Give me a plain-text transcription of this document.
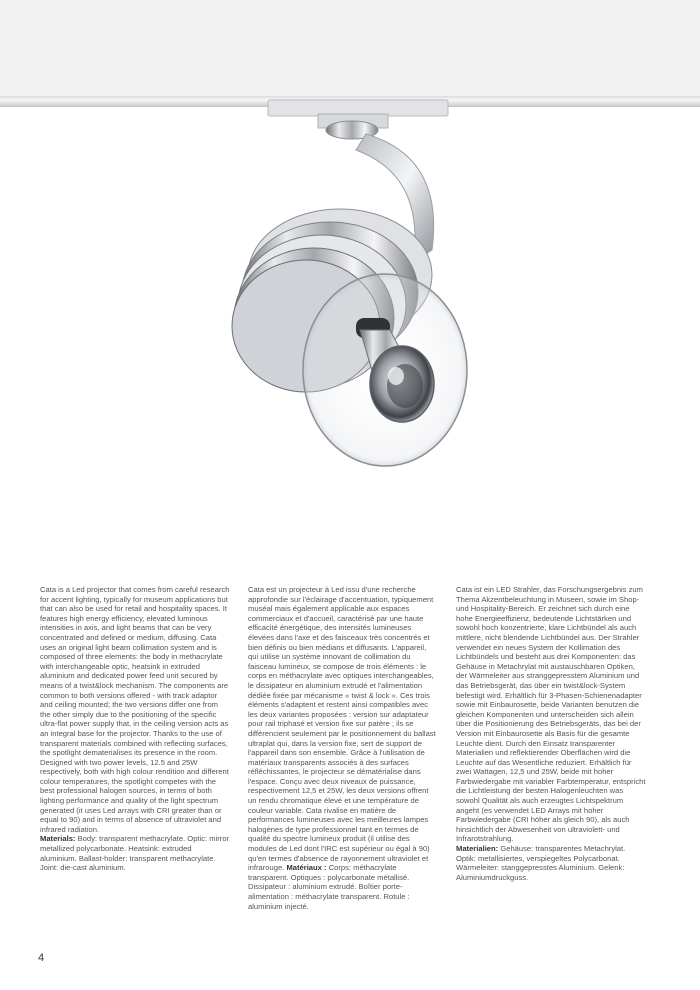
Cata is a Led projector that comes from careful research for accent lighting, typically for museum applications but that can also be used for retail and hospitality spaces. It features high energy efficiency, elevated luminous intensities in axis, and light beams that can be very concentrated and defined or medium, diffusing. Cata uses an original light beam collimation system and is composed of three elements: the body in methacrylate with interchangeable optic, heatsink in extruded aluminium and dedicated power feed unit secured by means of a twist&lock mechanism. The components are common to both versions offered - with track adaptor and ceiling mounted; the two versions differ one from the other simply due to the positioning of the specific ultra-flat power supply that, in the ceiling version acts as an integral base for the projector. Thanks to the use of transparent materials combined with reflecting surfaces, the spotlight dematerialises its presence in the room. Designed with two power levels, 12.5 and 25W respectively, both with high colour rendition and different colour temperatures, the spotlight competes with the best professional halogen sources, in terms of both lighting performance and quality of the light spectrum generated (it uses Led arrays with CRI greater than or equal to 90) and in terms of absence of ultraviolet and infrared radiation.
Materials: Body: transparent methacrylate. Optic: mirror metallized polycarbonate. Heatsink: extruded aluminium. Ballast-holder: transparent methacrylate. Joint: die-cast aluminium.

Cata est un projecteur à Led issu d'une recherche approfondie sur l'éclairage d'accentuation, typiquement muséal mais également applicable aux espaces commerciaux et d'accueil, caractérisé par une haute efficacité énergétique, des intensités lumineuses élevées dans l'axe et des faisceaux très concentrés et bien définis ou bien médians et diffusants. L'appareil, qui utilise un système innovant de collimation du faisceau lumineux, se compose de trois éléments : le corps en méthacrylate avec optiques interchangeables, le dissipateur en aluminium extrudé et l'alimentation dédiée fixée par mécanisme « twist & lock ». Ces trois éléments s'adaptent et restent ainsi compatibles avec les deux variantes proposées : version sur adaptateur pour rail triphasé et version fixe sur patère ; ils se différencient seulement par le positionnement du ballast ultraplat qui, dans la version fixe, sert de support de l'appareil dans son ensemble. Grâce à l'utilisation de matériaux transparents associés à des surfaces réfléchissantes, le projecteur se dématérialise dans l'espace. Conçu avec deux niveaux de puissance, respectivement 12,5 et 25W, les deux versions offrent un rendu chromatique élevé et une température de couleur variable. Cata rivalise en matière de performances lumineuses avec les meilleures lampes halogènes de type professionnel tant en termes de qualité du spectre lumineux produit (il utilise des modules de Led dont l'IRC est supérieur ou égal à 90) qu'en termes d'absence de rayonnement ultraviolet et infrarouge. Matériaux : Corps: méthacrylate transparent. Optiques : polycarbonate métallisé. Dissipateur : aluminium extrudé. Boîtier porte-alimentation : méthacrylate transparent. Rotule : aluminium injecté.

Cata ist ein LED Strahler, das Forschungsergebnis zum Thema Akzentbeleuchtung in Museen, sowie im Shop- und Hospitality-Bereich. Er zeichnet sich durch eine hohe Energieeffizienz, bedeutende Lichtstärken und sowohl hoch konzentrierte, klare Lichtbündel als auch mittlere, nicht blendende Lichtbündel aus. Der Strahler verwendet ein neues System der Kollimation des Lichtbündels und besteht aus drei Komponenten: das Gehäuse in Metachrylat mit austauschbaren Optiken, der Wärmeleiter aus stranggepresstem Aluminium und das Betriebsgerät, das über ein twist&lock-System befestigt wird. Erhältlich für 3-Phasen-Schienenadapter sowie mit Einbaurosette, beide Varianten benutzen die gleichen Komponenten und unterscheiden sich allein über die Positionierung des Betriebsgeräts, das bei der Version mit Einbaurosette als Basis für die gesamte Leuchte dient. Durch den Einsatz transparenter Materialien und reflektierender Oberflächen wird die Leuchte auf das Wesentliche reduziert. Erhältlich für zwei Wattagen, 12,5 und 25W, beide mit hoher Farbwiedergabe mit variabler Farbtemperatur, entspricht die Lichtleistung der besten Halogenleuchten was sowohl Qualität als auch erzeugtes Lichtspektrum angeht (es verwendet LED Arrays mit hoher Farbwiedergabe (CRI höher als gleich 90), als auch hinsichtlich der Abwesenheit von ultraviolett- und Infrarotstrahlung.
Materialien: Gehäuse: transparentes Metachrylat. Optik: metallisiertes, verspiegeltes Polycarbonat. Wärmeleiter: stanggepresstes Aluminium. Gelenk: Aluminiumdruckguss.

4
